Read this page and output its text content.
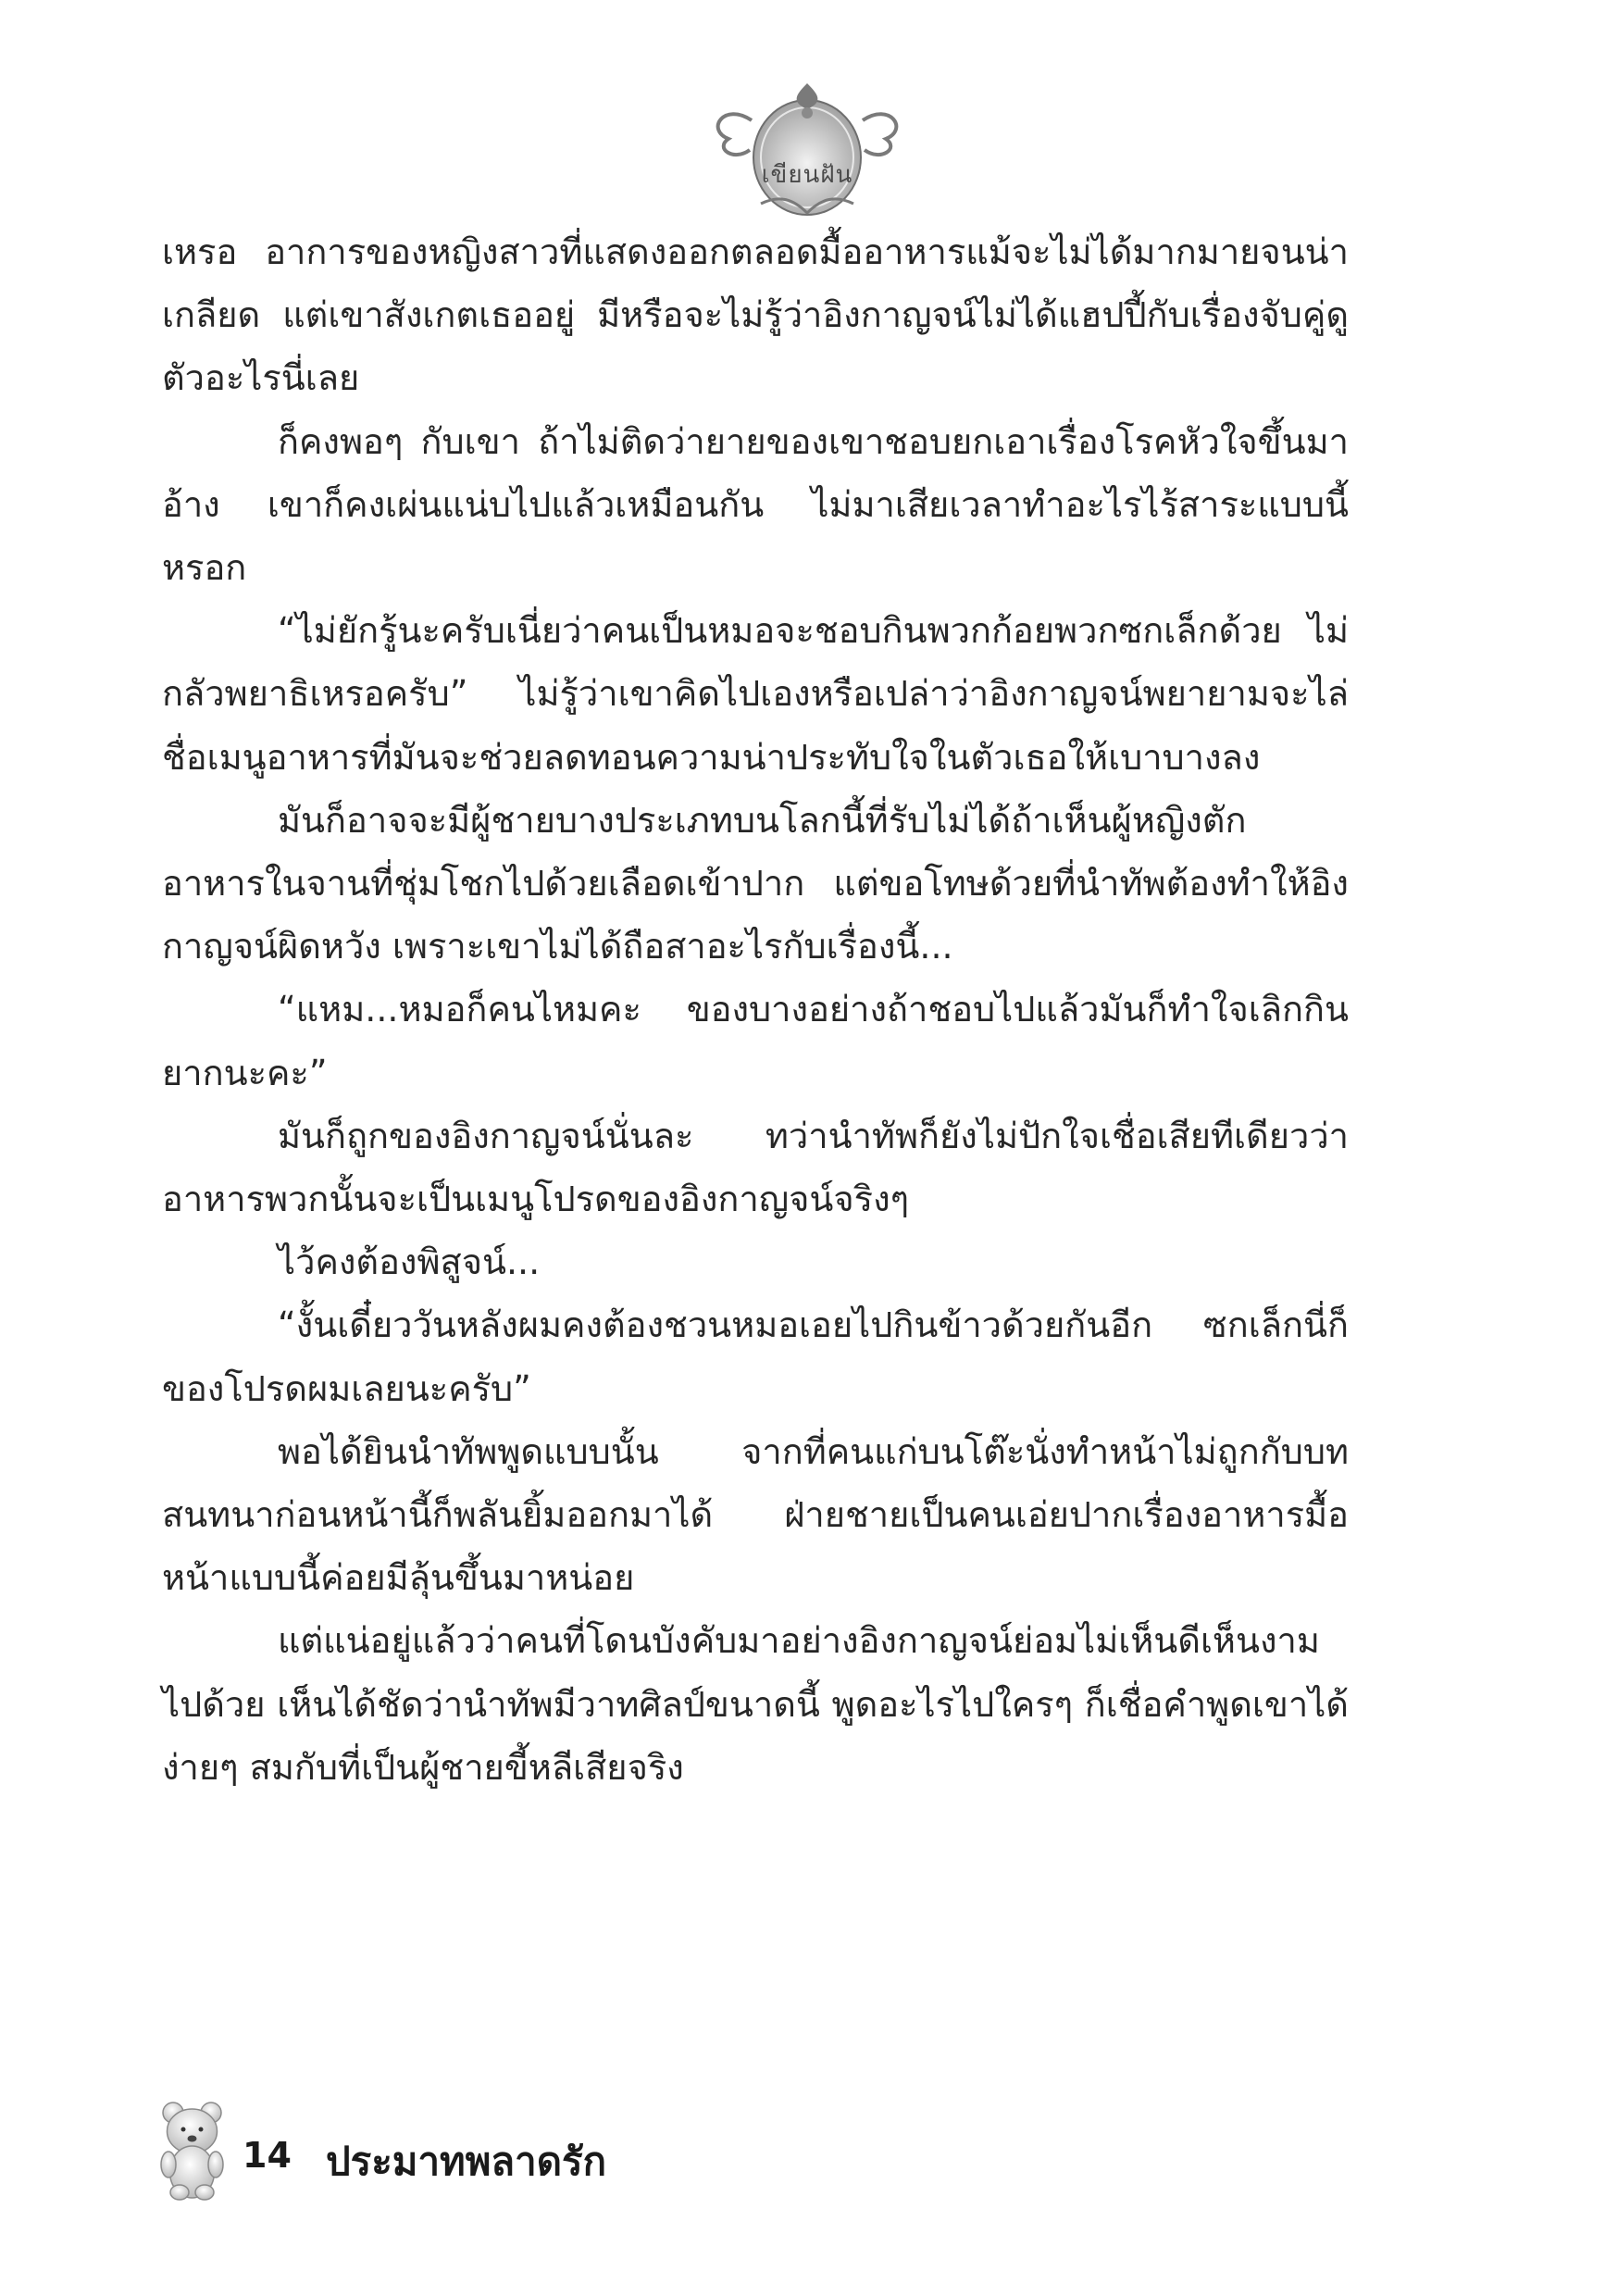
เขียนฝัน

เหรอ อาการของหญิงสาวที่แสดงออกตลอดมื้ออาหารแม้จะไม่ได้มากมายจนน่าเกลียด แต่เขาสังเกตเธออยู่ มีหรือจะไม่รู้ว่าอิงกาญจน์ไม่ได้แฮปปี้กับเรื่องจับคู่ดูตัวอะไรนี่เลย

ก็คงพอๆ กับเขา ถ้าไม่ติดว่ายายของเขาชอบยกเอาเรื่องโรคหัวใจขึ้นมาอ้าง เขาก็คงเผ่นแน่บไปแล้วเหมือนกัน ไม่มาเสียเวลาทำอะไรไร้สาระแบบนี้หรอก

“ไม่ยักรู้นะครับเนี่ยว่าคนเป็นหมอจะชอบกินพวกก้อยพวกซกเล็กด้วย ไม่กลัวพยาธิเหรอครับ” ไม่รู้ว่าเขาคิดไปเองหรือเปล่าว่าอิงกาญจน์พยายามจะไล่ชื่อเมนูอาหารที่มันจะช่วยลดทอนความน่าประทับใจในตัวเธอให้เบาบางลง

มันก็อาจจะมีผู้ชายบางประเภทบนโลกนี้ที่รับไม่ได้ถ้าเห็นผู้หญิงตักอาหารในจานที่ชุ่มโชกไปด้วยเลือดเข้าปาก แต่ขอโทษด้วยที่นำทัพต้องทำให้อิงกาญจน์ผิดหวัง เพราะเขาไม่ได้ถือสาอะไรกับเรื่องนี้...

“แหม...หมอก็คนไหมคะ ของบางอย่างถ้าชอบไปแล้วมันก็ทำใจเลิกกินยากนะคะ”

มันก็ถูกของอิงกาญจน์นั่นละ ทว่านำทัพก็ยังไม่ปักใจเชื่อเสียทีเดียวว่าอาหารพวกนั้นจะเป็นเมนูโปรดของอิงกาญจน์จริงๆ

ไว้คงต้องพิสูจน์...

“งั้นเดี๋ยววันหลังผมคงต้องชวนหมอเอยไปกินข้าวด้วยกันอีก ซกเล็กนี่ก็ของโปรดผมเลยนะครับ”

พอได้ยินนำทัพพูดแบบนั้น จากที่คนแก่บนโต๊ะนั่งทำหน้าไม่ถูกกับบทสนทนาก่อนหน้านี้ก็พลันยิ้มออกมาได้ ฝ่ายชายเป็นคนเอ่ยปากเรื่องอาหารมื้อหน้าแบบนี้ค่อยมีลุ้นขึ้นมาหน่อย

แต่แน่อยู่แล้วว่าคนที่โดนบังคับมาอย่างอิงกาญจน์ย่อมไม่เห็นดีเห็นงามไปด้วย เห็นได้ชัดว่านำทัพมีวาทศิลป์ขนาดนี้ พูดอะไรไปใครๆ ก็เชื่อคำพูดเขาได้ง่ายๆ สมกับที่เป็นผู้ชายขี้หลีเสียจริง

14 ประมาทพลาดรัก
